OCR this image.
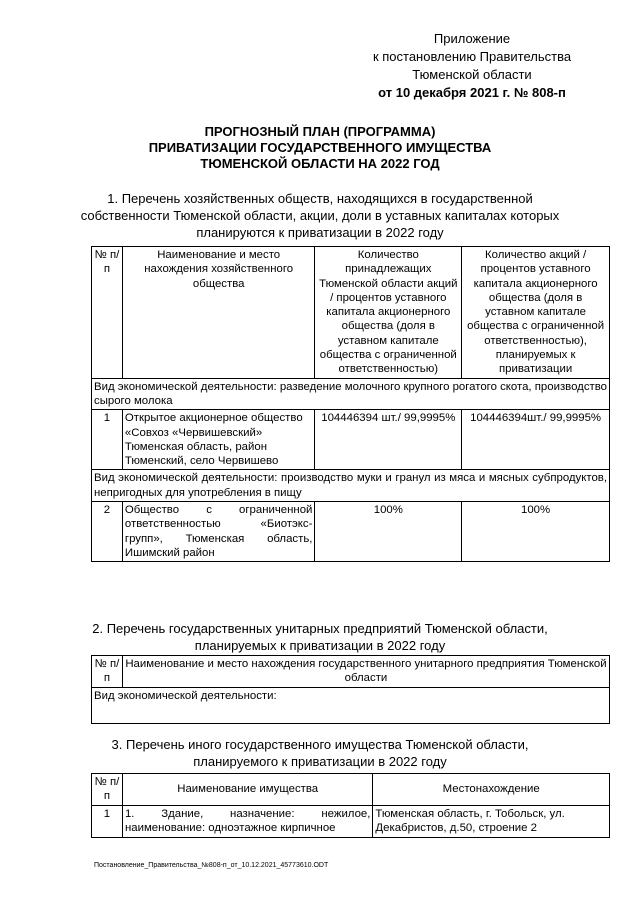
Приложение
к постановлению Правительства
Тюменской области
от 10 декабря 2021 г. № 808-п
ПРОГНОЗНЫЙ ПЛАН (ПРОГРАММА)
ПРИВАТИЗАЦИИ ГОСУДАРСТВЕННОГО ИМУЩЕСТВА
ТЮМЕНСКОЙ ОБЛАСТИ НА 2022 ГОД
1. Перечень хозяйственных обществ, находящихся в государственной собственности Тюменской области, акции, доли в уставных капиталах которых планируются к приватизации в 2022 году
№ п/п	Наименование и место нахождения хозяйственного общества	Количество принадлежащих Тюменской области акций / процентов уставного капитала акционерного общества (доля в уставном капитале общества с ограниченной ответственностью)	Количество акций / процентов уставного капитала акционерного общества (доля в уставном капитале общества с ограниченной ответственностью), планируемых к приватизации
Вид экономической деятельности: разведение молочного крупного рогатого скота, производство сырого молока			
1	Открытое акционерное общество «Совхоз «Червишевский» Тюменская область, район Тюменский, село Червишево	104446394 шт./ 99,9995%	104446394шт./ 99,9995%
Вид экономической деятельности: производство муки и гранул из мяса и мясных субпродуктов, непригодных для употребления в пищу			
2	Общество с ограниченной ответственностью «Биотэкс-групп», Тюменская область, Ишимский район	100%	100%
2. Перечень государственных унитарных предприятий Тюменской области, планируемых к приватизации в 2022 году
№ п/п	Наименование и место нахождения государственного унитарного предприятия Тюменской области
Вид экономической деятельности:
3. Перечень иного государственного имущества Тюменской области, планируемого к приватизации в 2022 году
№ п/п	Наименование имущества	Местонахождение
1	1. Здание, назначение: нежилое, наименование: одноэтажное кирпичное	Тюменская область, г. Тобольск, ул. Декабристов, д.50, строение 2
Постановление_Правительства_№808-п_от_10.12.2021_45773610.ODT
